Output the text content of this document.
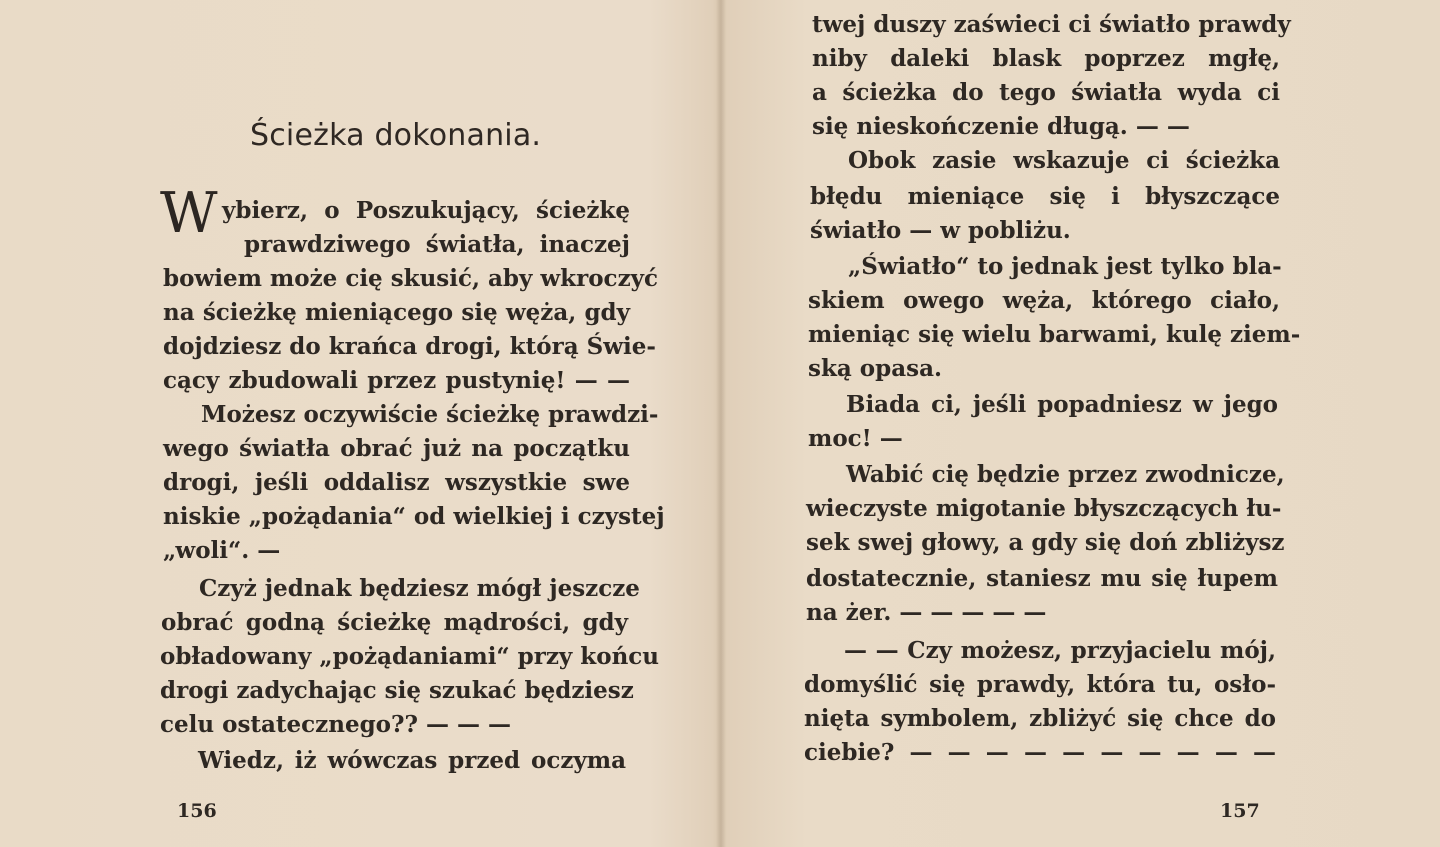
Ścieżka dokonania.
W ybierz, o Poszukujący, ścieżkę
prawdziwego światła, inaczej
bowiem może cię skusić, aby wkroczyć
na ścieżkę mieniącego się węża, gdy
dojdziesz do krańca drogi, którą Świe-
cący zbudowali przez pustynię! — —
Możesz oczywiście ścieżkę prawdzi-
wego światła obrać już na początku
drogi, jeśli oddalisz wszystkie swe
niskie „pożądania“ od wielkiej i czystej
„woli“. —
Czyż jednak będziesz mógł jeszcze
obrać godną ścieżkę mądrości, gdy
obładowany „pożądaniami“ przy końcu
drogi zadychając się szukać będziesz
celu ostatecznego?? — — —
Wiedz, iż wówczas przed oczyma
156
twej duszy zaświeci ci światło prawdy
niby daleki blask poprzez mgłę,
a ścieżka do tego światła wyda ci
się nieskończenie długą. — —
Obok zasie wskazuje ci ścieżka
błędu mieniące się i błyszczące
światło — w pobliżu.
„Światło“ to jednak jest tylko bla-
skiem owego węża, którego ciało,
mieniąc się wielu barwami, kulę ziem-
ską opasa.
Biada ci, jeśli popadniesz w jego
moc! —
Wabić cię będzie przez zwodnicze,
wieczyste migotanie błyszczących łu-
sek swej głowy, a gdy się doń zbliżysz
dostatecznie, staniesz mu się łupem
na żer. — — — — —
— — Czy możesz, przyjacielu mój,
domyślić się prawdy, która tu, osło-
nięta symbolem, zbliżyć się chce do
ciebie? — — — — — — — — — —
157
